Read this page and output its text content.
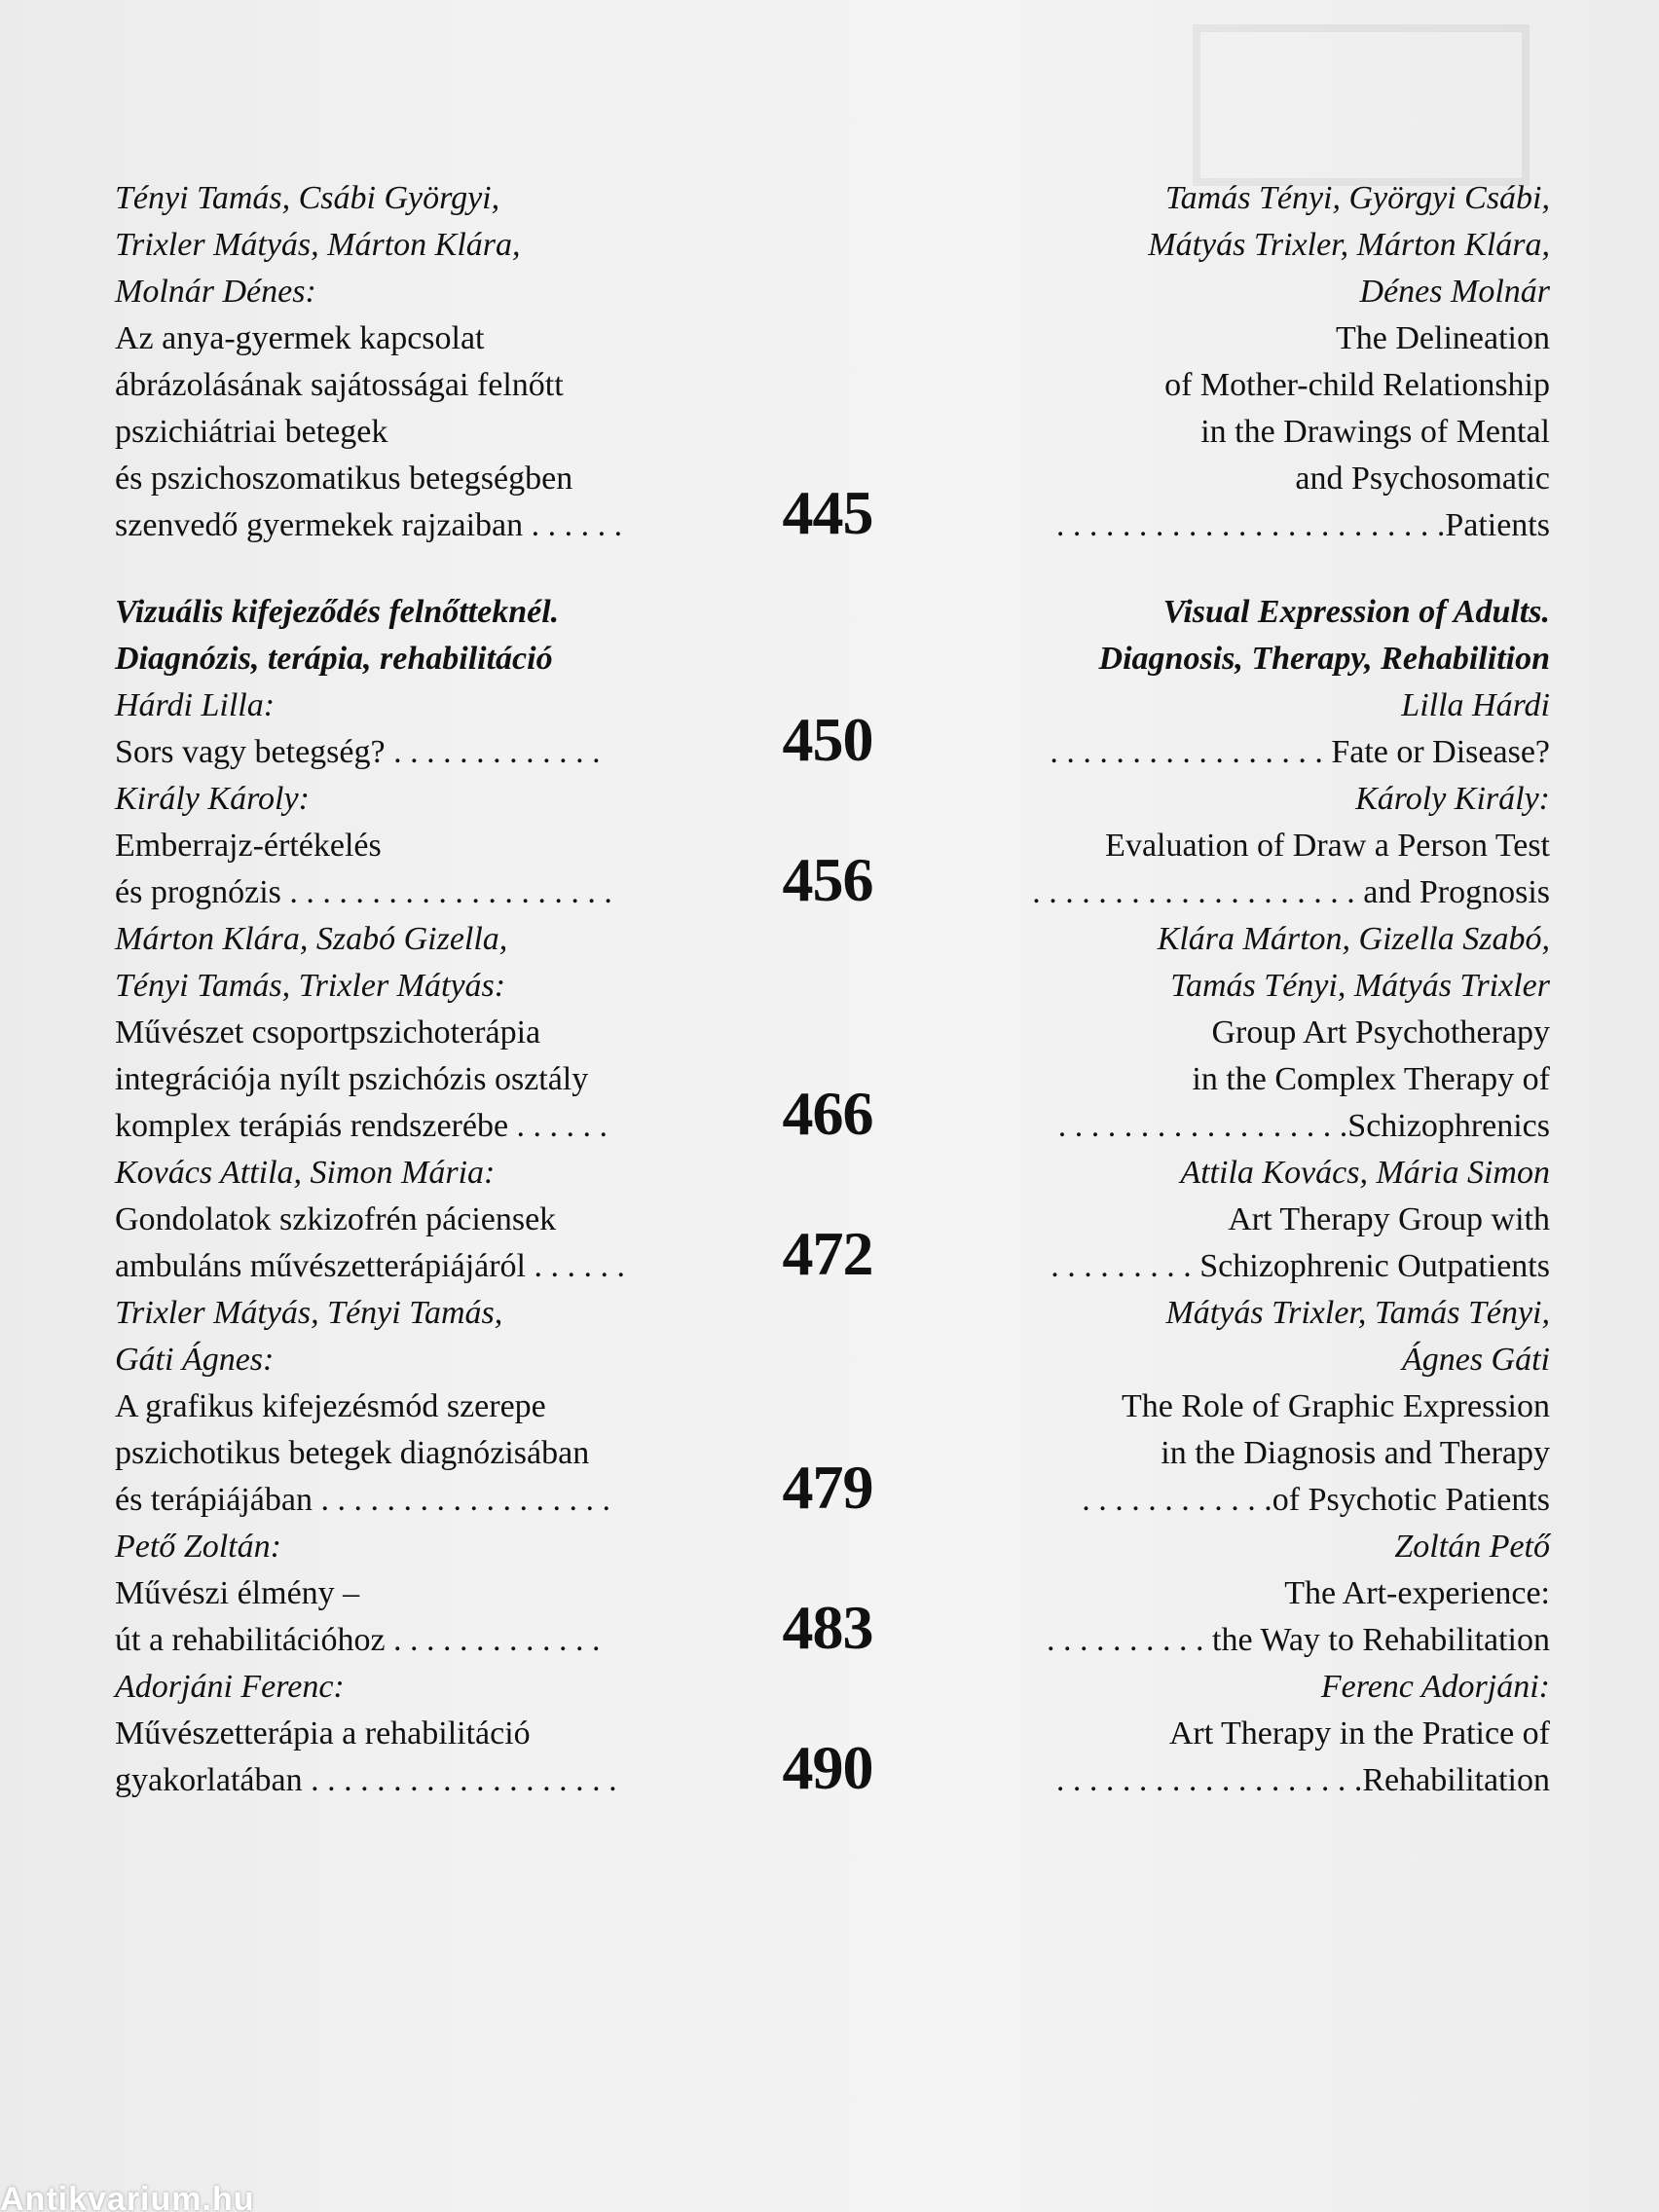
Tényi Tamás, Csábi Györgyi,
Trixler Mátyás, Márton Klára,
Molnár Dénes:
Az anya-gyermek kapcsolat
ábrázolásának sajátosságai felnőtt
pszichiátriai betegek
és pszichoszomatikus betegségben
szenvedő gyermekek rajzaiban . . . . . .
Tamás Tényi, Györgyi Csábi,
Mátyás Trixler, Márton Klára,
Dénes Molnár
The Delineation
of Mother-child Relationship
in the Drawings of Mental
and Psychosomatic
. . . . . . . . . . . . . . . . . . . . . . . .Patients
445
Vizuális kifejeződés felnőtteknél.
Diagnózis, terápia, rehabilitáció
Hárdi Lilla:
Sors vagy betegség? . . . . . . . . . . . . .
Visual Expression of Adults.
Diagnosis, Therapy, Rehabilition
Lilla Hárdi
. . . . . . . . . . . . . . . . . Fate or Disease?
450
Király Károly:
Emberrajz-értékelés
és prognózis . . . . . . . . . . . . . . . . . . . .
Károly Király:
Evaluation of Draw a Person Test
. . . . . . . . . . . . . . . . . . . . and Prognosis
456
Márton Klára, Szabó Gizella,
Tényi Tamás, Trixler Mátyás:
Művészet csoportpszichoterápia
integrációja nyílt pszichózis osztály
komplex terápiás rendszerébe . . . . . .
Klára Márton, Gizella Szabó,
Tamás Tényi, Mátyás Trixler
Group Art Psychotherapy
in the Complex Therapy of
. . . . . . . . . . . . . . . . . .Schizophrenics
466
Kovács Attila, Simon Mária:
Gondolatok szkizofrén páciensek
ambuláns művészetterápiájáról . . . . . .
Attila Kovács, Mária Simon
Art Therapy Group with
. . . . . . . . . Schizophrenic Outpatients
472
Trixler Mátyás, Tényi Tamás,
Gáti Ágnes:
A grafikus kifejezésmód szerepe
pszichotikus betegek diagnózisában
és terápiájában . . . . . . . . . . . . . . . . . .
Mátyás Trixler, Tamás Tényi,
Ágnes Gáti
The Role of Graphic Expression
in the Diagnosis and Therapy
. . . . . . . . . . . .of Psychotic Patients
479
Pető Zoltán:
Művészi élmény –
út a rehabilitációhoz . . . . . . . . . . . . .
Zoltán Pető
The Art-experience:
. . . . . . . . . . the Way to Rehabilitation
483
Adorjáni Ferenc:
Művészetterápia a rehabilitáció
gyakorlatában . . . . . . . . . . . . . . . . . . .
Ferenc Adorjáni:
Art Therapy in the Pratice of
. . . . . . . . . . . . . . . . . . .Rehabilitation
490
Antikvarium.hu
